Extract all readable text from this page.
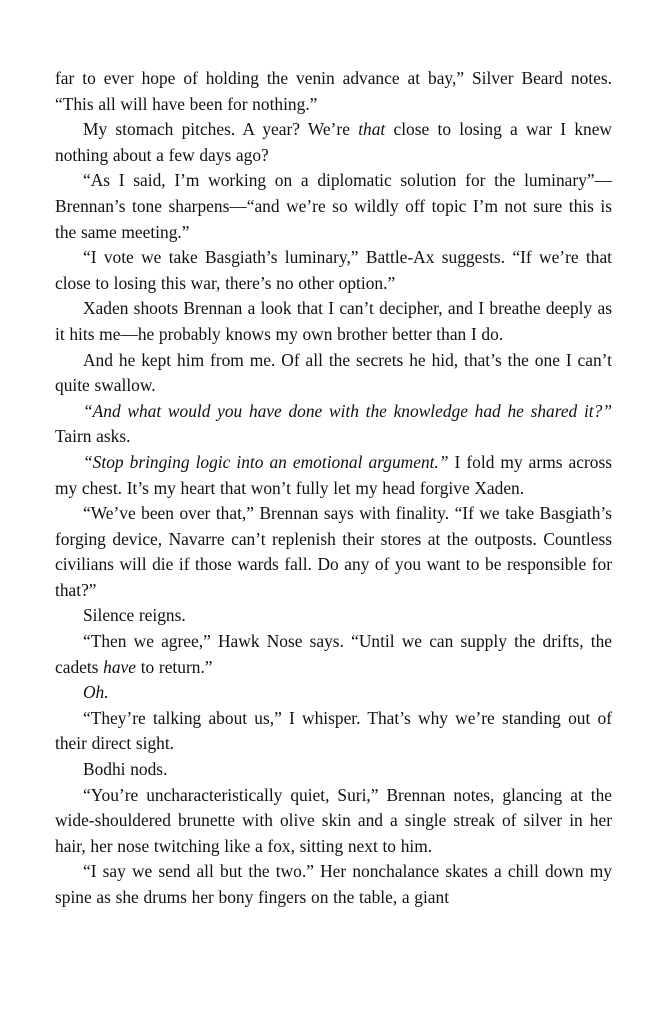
far to ever hope of holding the venin advance at bay,” Silver Beard notes. “This all will have been for nothing.”

My stomach pitches. A year? We’re that close to losing a war I knew nothing about a few days ago?

“As I said, I’m working on a diplomatic solution for the luminary”— Brennan’s tone sharpens—“and we’re so wildly off topic I’m not sure this is the same meeting.”

“I vote we take Basgiath’s luminary,” Battle-Ax suggests. “If we’re that close to losing this war, there’s no other option.”

Xaden shoots Brennan a look that I can’t decipher, and I breathe deeply as it hits me—he probably knows my own brother better than I do.

And he kept him from me. Of all the secrets he hid, that’s the one I can’t quite swallow.

“And what would you have done with the knowledge had he shared it?” Tairn asks.

“Stop bringing logic into an emotional argument.” I fold my arms across my chest. It’s my heart that won’t fully let my head forgive Xaden.

“We’ve been over that,” Brennan says with finality. “If we take Basgiath’s forging device, Navarre can’t replenish their stores at the outposts. Countless civilians will die if those wards fall. Do any of you want to be responsible for that?”

Silence reigns.

“Then we agree,” Hawk Nose says. “Until we can supply the drifts, the cadets have to return.”

Oh.

“They’re talking about us,” I whisper. That’s why we’re standing out of their direct sight.

Bodhi nods.

“You’re uncharacteristically quiet, Suri,” Brennan notes, glancing at the wide-shouldered brunette with olive skin and a single streak of silver in her hair, her nose twitching like a fox, sitting next to him.

“I say we send all but the two.” Her nonchalance skates a chill down my spine as she drums her bony fingers on the table, a giant
